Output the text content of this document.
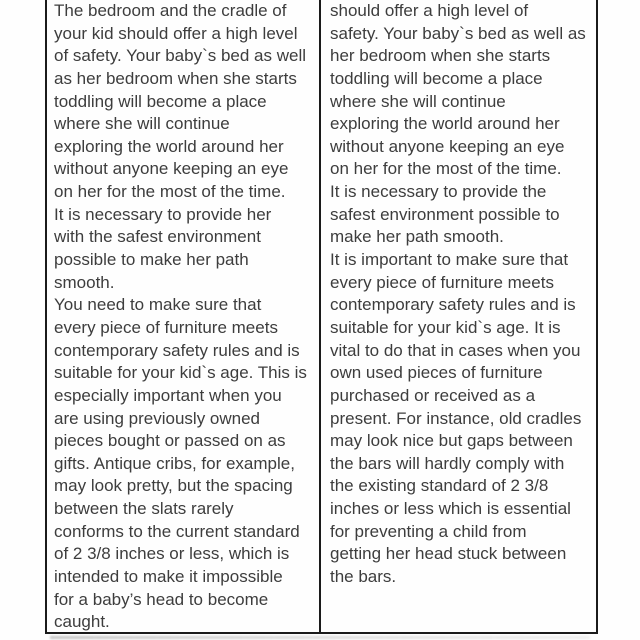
The bedroom and the cradle of
your kid should offer a high level
of safety. Your baby`s bed as well
as her bedroom when she starts
toddling will become a place
where she will continue
exploring the world around her
without anyone keeping an eye
on her for the most of the time.
It is necessary to provide her
with the safest environment
possible to make her path
smooth.
You need to make sure that
every piece of furniture meets
contemporary safety rules and is
suitable for your kid`s age. This is
especially important when you
are using previously owned
pieces bought or passed on as
gifts. Antique cribs, for example,
may look pretty, but the spacing
between the slats rarely
conforms to the current standard
of 2 3/8 inches or less, which is
intended to make it impossible
for a baby’s head to become
caught.
should offer a high level of
safety. Your baby`s bed as well as
her bedroom when she starts
toddling will become a place
where she will continue
exploring the world around her
without anyone keeping an eye
on her for the most of the time.
It is necessary to provide the
safest environment possible to
make her path smooth.
It is important to make sure that
every piece of furniture meets
contemporary safety rules and is
suitable for your kid`s age. It is
vital to do that in cases when you
own used pieces of furniture
purchased or received as a
present. For instance, old cradles
may look nice but gaps between
the bars will hardly comply with
the existing standard of 2 3/8
inches or less which is essential
for preventing a child from
getting her head stuck between
the bars.
